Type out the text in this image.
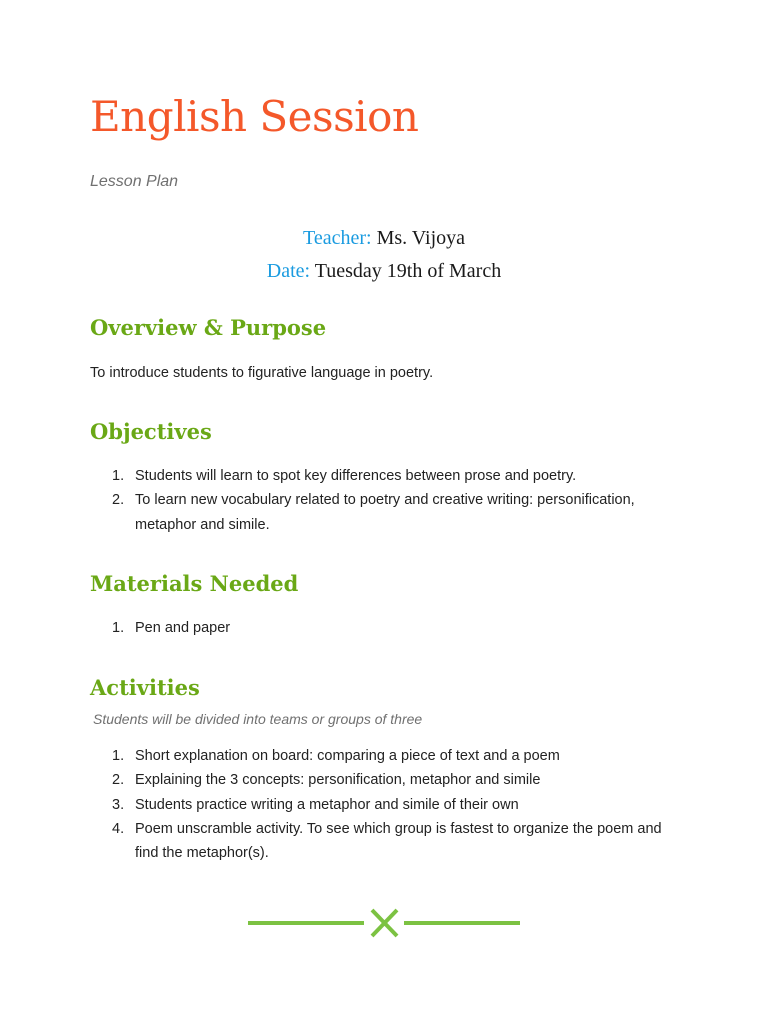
English Session
Lesson Plan
Teacher: Ms. Vijoya
Date: Tuesday 19th of March
Overview & Purpose
To introduce students to figurative language in poetry.
Objectives
1. Students will learn to spot key differences between prose and poetry.
2. To learn new vocabulary related to poetry and creative writing: personification, metaphor and simile.
Materials Needed
1. Pen and paper
Activities
Students will be divided into teams or groups of three
1. Short explanation on board: comparing a piece of text and a poem
2. Explaining the 3 concepts: personification, metaphor and simile
3. Students practice writing a metaphor and simile of their own
4. Poem unscramble activity. To see which group is fastest to organize the poem and find the metaphor(s).
